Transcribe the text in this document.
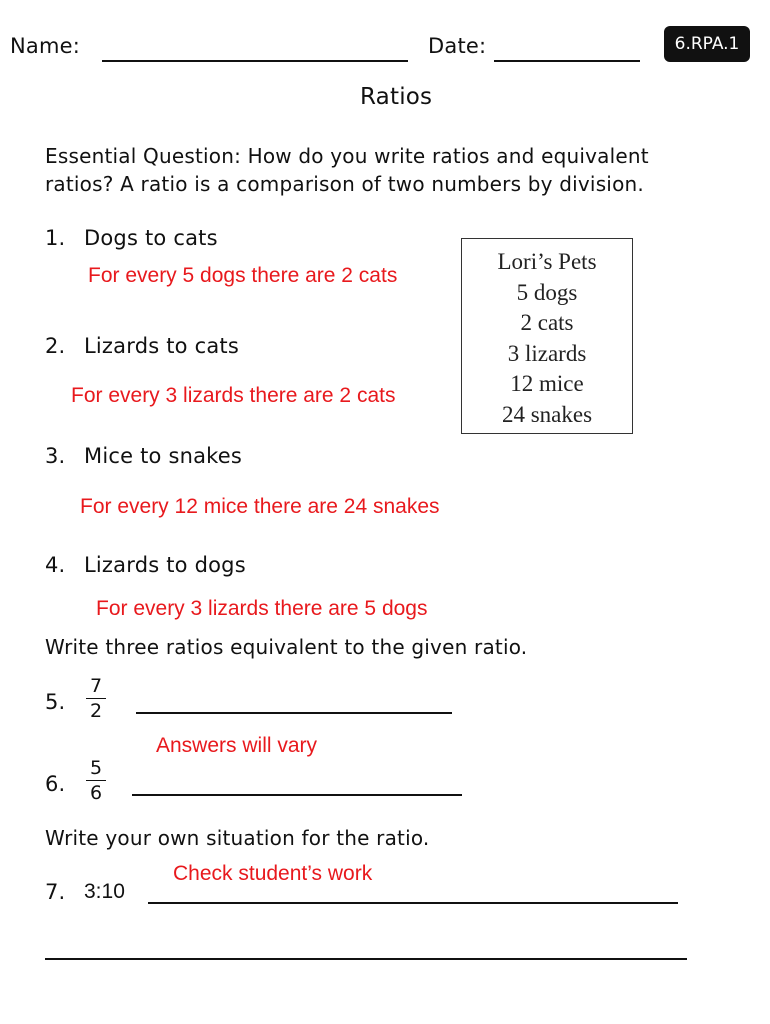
Name:	Date:	6.RPA.1
Ratios
Essential Question: How do you write ratios and equivalent
ratios? A ratio is a comparison of two numbers by division.
Lori’s Pets
5 dogs
2 cats
3 lizards
12 mice
24 snakes
1. Dogs to cats
For every 5 dogs there are 2 cats
2. Lizards to cats
For every 3 lizards there are 2 cats
3. Mice to snakes
For every 12 mice there are 24 snakes
4. Lizards to dogs
For every 3 lizards there are 5 dogs
Write three ratios equivalent to the given ratio.
5.
7
2
Answers will vary
6.
5
6
Write your own situation for the ratio.
Check student’s work
7. 3:10
